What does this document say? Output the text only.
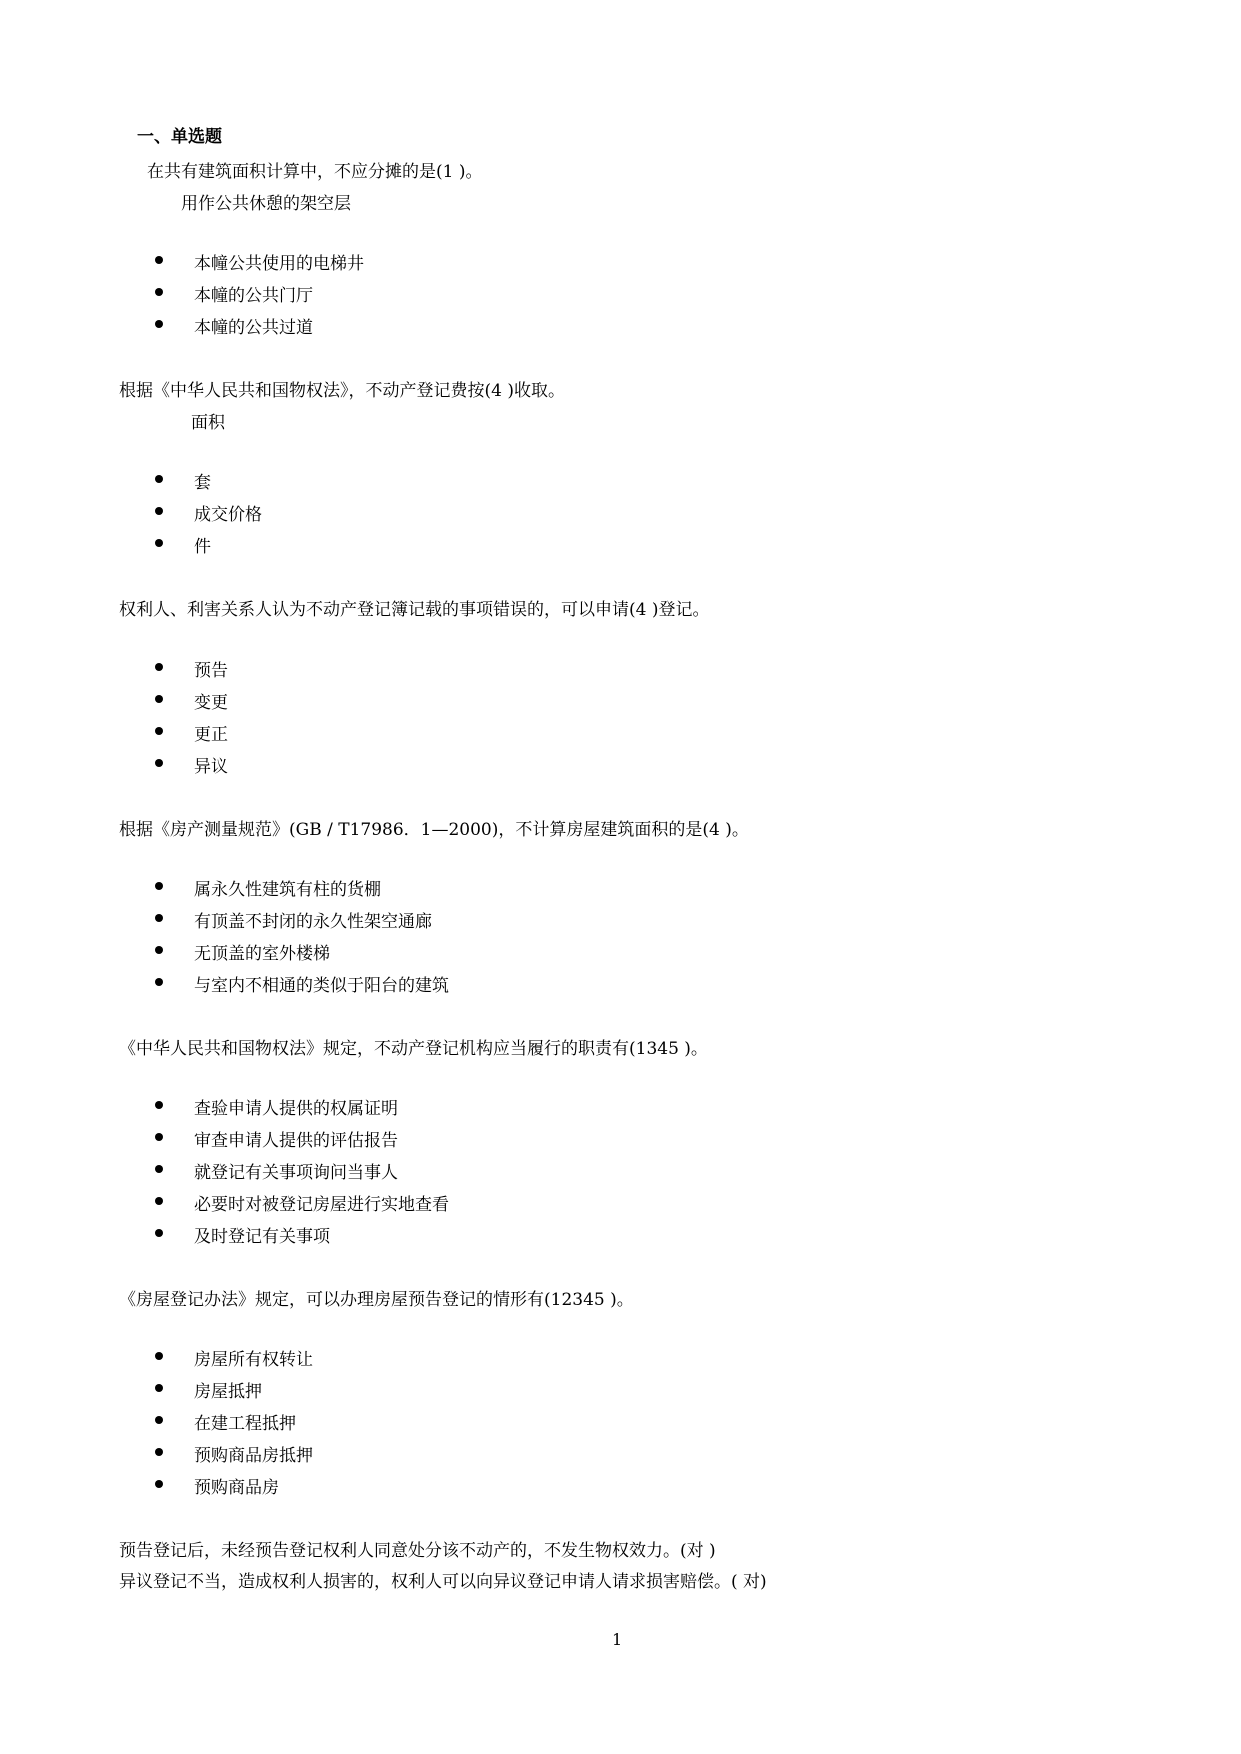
一、单选题
在共有建筑面积计算中，不应分摊的是(1 )。
用作公共休憩的架空层
本幢公共使用的电梯井
本幢的公共门厅
本幢的公共过道
根据《中华人民共和国物权法》，不动产登记费按(4 )收取。
面积
套
成交价格
件
权利人、利害关系人认为不动产登记簿记载的事项错误的，可以申请(4 )登记。
预告
变更
更正
异议
根据《房产测量规范》(GB / T17986．1—2000)，不计算房屋建筑面积的是(4 )。
属永久性建筑有柱的货棚
有顶盖不封闭的永久性架空通廊
无顶盖的室外楼梯
与室内不相通的类似于阳台的建筑
《中华人民共和国物权法》规定，不动产登记机构应当履行的职责有(1345 )。
查验申请人提供的权属证明
审查申请人提供的评估报告
就登记有关事项询问当事人
必要时对被登记房屋进行实地查看
及时登记有关事项
《房屋登记办法》规定，可以办理房屋预告登记的情形有(12345 )。
房屋所有权转让
房屋抵押
在建工程抵押
预购商品房抵押
预购商品房
预告登记后，未经预告登记权利人同意处分该不动产的，不发生物权效力。(对 )
异议登记不当，造成权利人损害的，权利人可以向异议登记申请人请求损害赔偿。( 对)
1
